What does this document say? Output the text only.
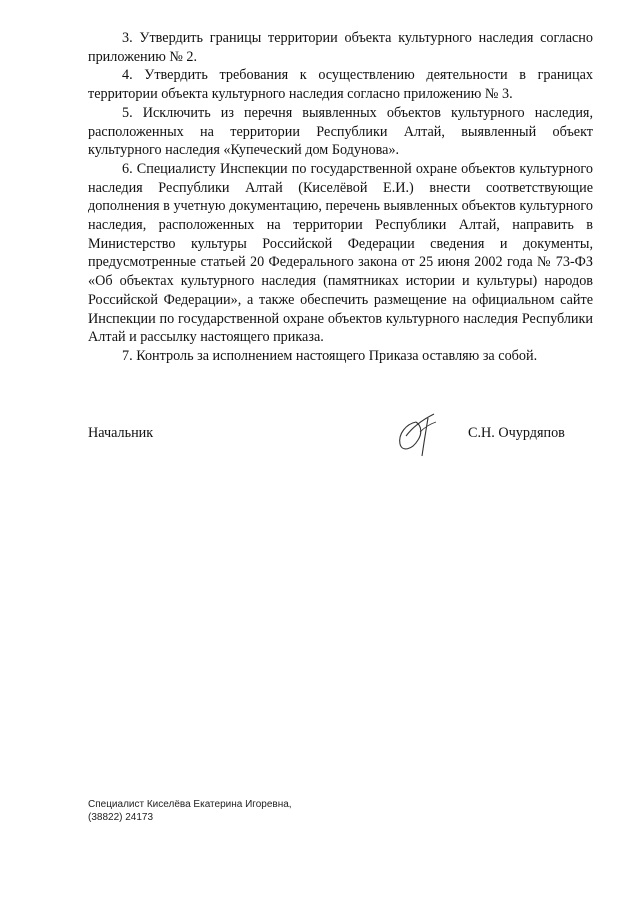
3. Утвердить границы территории объекта культурного наследия согласно приложению № 2.

4. Утвердить требования к осуществлению деятельности в границах территории объекта культурного наследия согласно приложению № 3.

5. Исключить из перечня выявленных объектов культурного наследия, расположенных на территории Республики Алтай, выявленный объект культурного наследия «Купеческий дом Бодунова».

6. Специалисту Инспекции по государственной охране объектов культурного наследия Республики Алтай (Киселёвой Е.И.) внести соответствующие дополнения в учетную документацию, перечень выявленных объектов культурного наследия, расположенных на территории Республики Алтай, направить в Министерство культуры Российской Федерации сведения и документы, предусмотренные статьей 20 Федерального закона от 25 июня 2002 года № 73-ФЗ «Об объектах культурного наследия (памятниках истории и культуры) народов Российской Федерации», а также обеспечить размещение на официальном сайте Инспекции по государственной охране объектов культурного наследия Республики Алтай и рассылку настоящего приказа.

7. Контроль за исполнением настоящего Приказа оставляю за собой.

Начальник	С.Н. Очурдяпов
Специалист Киселёва Екатерина Игоревна,
(38822) 24173
